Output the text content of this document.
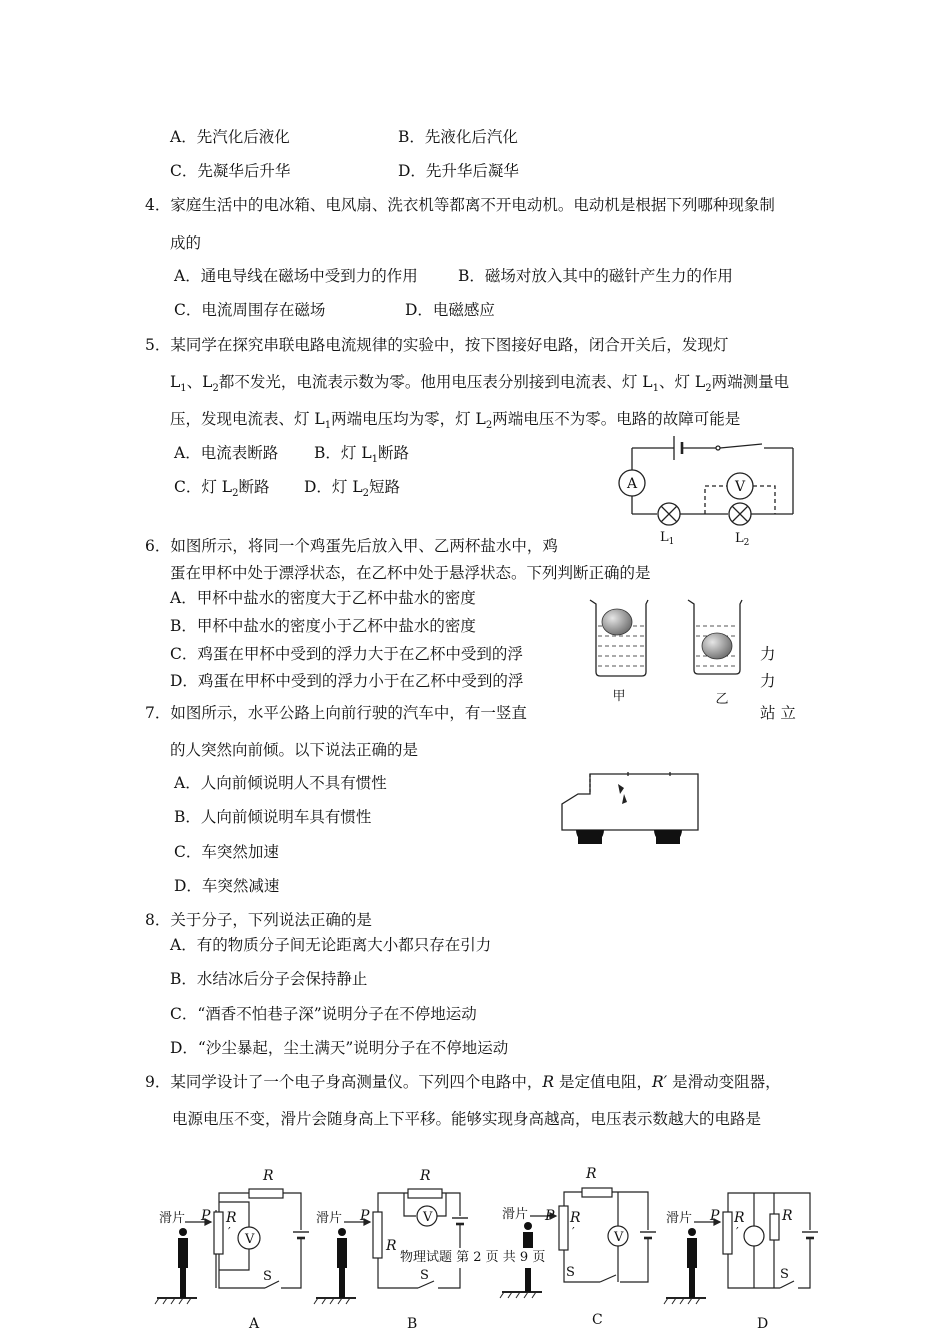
A．先汽化后液化	B．先液化后汽化
C．先凝华后升华	D．先升华后凝华
4．家庭生活中的电冰箱、电风扇、洗衣机等都离不开电动机。电动机是根据下列哪种现象制
成的
A．通电导线在磁场中受到力的作用	B．磁场对放入其中的磁针产生力的作用
C．电流周围存在磁场	D．电磁感应
5．某同学在探究串联电路电流规律的实验中，按下图接好电路，闭合开关后，发现灯
$L_1$、$L_2$都不发光，电流表示数为零。他用电压表分别接到电流表、灯 $L_1$、灯 $L_2$两端测量电
压，发现电流表、灯 $L_1$两端电压均为零，灯 $L_2$两端电压不为零。电路的故障可能是
A．电流表断路 B．灯 $L_1$断路
C．灯 $L_2$断路 D．灯 $L_2$短路	A	V
$L_1$	$L_2$
6．如图所示，将同一个鸡蛋先后放入甲、乙两杯盐水中，鸡
蛋在甲杯中处于漂浮状态，在乙杯中处于悬浮状态。下列判断正确的是
A．甲杯中盐水的密度大于乙杯中盐水的密度
B．甲杯中盐水的密度小于乙杯中盐水的密度
C．鸡蛋在甲杯中受到的浮力大于在乙杯中受到的浮	力
D．鸡蛋在甲杯中受到的浮力小于在乙杯中受到的浮	力
甲	乙
7．如图所示，水平公路上向前行驶的汽车中，有一竖直	站 立
的人突然向前倾。以下说法正确的是
A．人向前倾说明人不具有惯性
B．人向前倾说明车具有惯性
C．车突然加速
D．车突然减速
8．关于分子，下列说法正确的是
A．有的物质分子间无论距离大小都只存在引力
B．水结冰后分子会保持静止
C．“酒香不怕巷子深”说明分子在不停地运动
D．“沙尘暴起，尘土满天”说明分子在不停地运动
9．某同学设计了一个电子身高测量仪。下列四个电路中，R 是定值电阻，R′ 是滑动变阻器，
电源电压不变，滑片会随身高上下平移。能够实现身高越高，电压表示数越大的电路是
滑片 P R
′
R
V
S
A
滑片 P
R
R
V
S
B
滑片 P R
′
R
V
S
C
滑片 P R
′
R
S
D
物理试题 第 2 页 共 9 页
